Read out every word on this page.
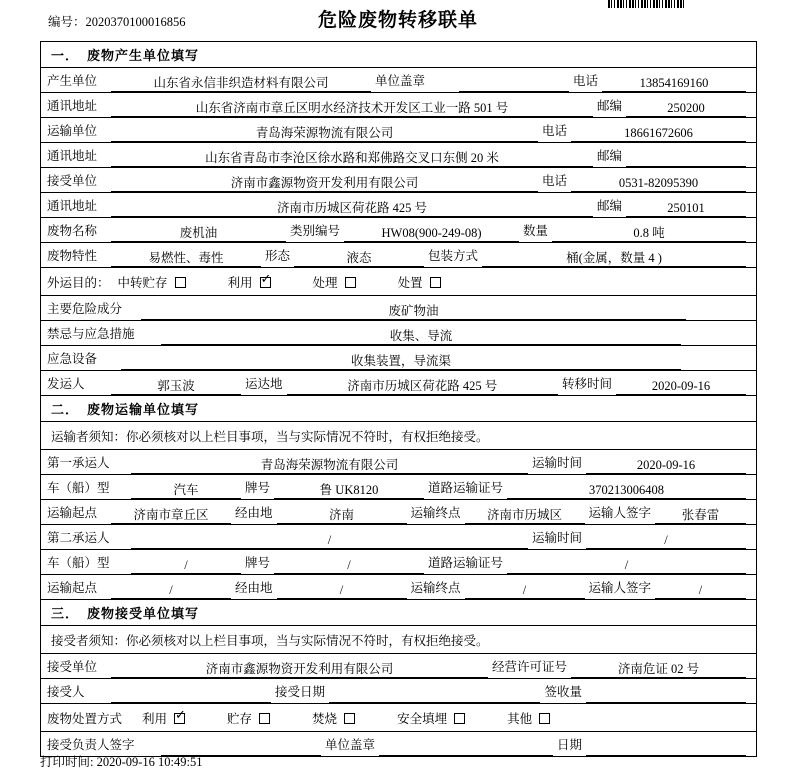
编号：2020370100016856	危险废物转移联单
一． 废物产生单位填写

产生单位	山东省永信非织造材料有限公司	单位盖章	电话	13854169160

通讯地址	山东省济南市章丘区明水经济技术开发区工业一路 501 号	邮编	250200

运输单位	青岛海荣源物流有限公司	电话	18661672606

通讯地址	山东省青岛市李沧区徐水路和郑佛路交叉口东侧 20 米	邮编

接受单位	济南市鑫源物资开发利用有限公司	电话	0531-82095390

通讯地址	济南市历城区荷花路 425 号	邮编	250101

废物名称	废机油	类别编号	HW08(900-249-08)	数量	0.8 吨

废物特性	易燃性、毒性	形态	液态	包装方式	桶(金属，数量 4 )

外运目的： 中转贮存	利用 ✓	处理	处置

主要危险成分	废矿物油

禁忌与应急措施	收集、导流

应急设备	收集装置，导流渠

发运人	郭玉波	运达地	济南市历城区荷花路 425 号	转移时间	2020-09-16

二． 废物运输单位填写

运输者须知：你必须核对以上栏目事项，当与实际情况不符时，有权拒绝接受。

第一承运人	青岛海荣源物流有限公司	运输时间	2020-09-16

车（船）型	汽车	牌号	鲁 UK8120	道路运输证号	370213006408

运输起点	济南市章丘区	经由地	济南	运输终点	济南市历城区	运输人签字	张春雷

第二承运人	/	运输时间	/

车（船）型	/	牌号	/	道路运输证号	/

运输起点	/	经由地	/	运输终点	/	运输人签字	/

三． 废物接受单位填写

接受者须知：你必须核对以上栏目事项，当与实际情况不符时，有权拒绝接受。

接受单位	济南市鑫源物资开发利用有限公司	经营许可证号	济南危证 02 号

接受人	接受日期	签收量

废物处置方式 利用 ✓	贮存	焚烧	安全填埋	其他

接受负责人签字	单位盖章	日期
打印时间: 2020-09-16 10:49:51
